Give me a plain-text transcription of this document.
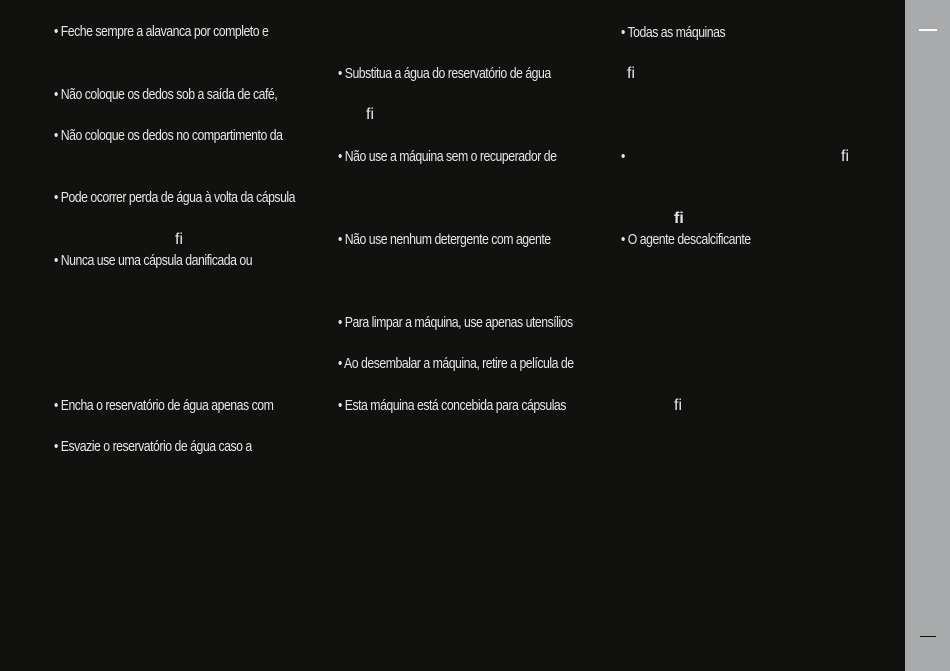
• Feche sempre a alavanca por completo e
• Não coloque os dedos sob a saída de café,
• Não coloque os dedos no compartimento da
• Pode ocorrer perda de água à volta da cápsula
ﬁ
• Nunca use uma cápsula danificada ou
• Encha o reservatório de água apenas com
• Esvazie o reservatório de água caso a
• Substitua a água do reservatório de água
ﬁ
• Não use a máquina sem o recuperador de
• Não use nenhum detergente com agente
• Para limpar a máquina, use apenas utensílios
• Ao desembalar a máquina, retire a película de
• Esta máquina está concebida para cápsulas	ﬁ
• Todas as máquinas
ﬁ
•	ﬁ
ﬁ
• O agente descalcificante
